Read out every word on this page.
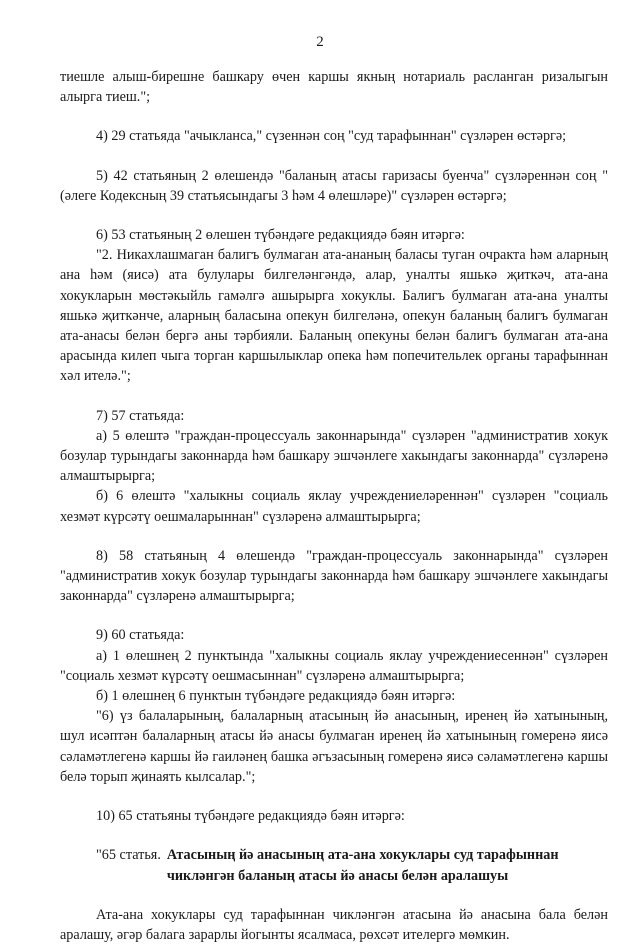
2

тиешле алыш-бирешне башкару өчен каршы якның нотариаль расланган ризалыгын алырга тиеш.";

4) 29 статьяда "ачыкланса," сүзеннән соң "суд тарафыннан" сүзләрен өстәргә;

5) 42 статьяның 2 өлешендә "баланың атасы гаризасы буенча" сүзләреннән соң "(әлеге Кодексның 39 статьясындагы 3 һәм 4 өлешләре)" сүзләрен өстәргә;

6) 53 статьяның 2 өлешен түбәндәге редакциядә бәян итәргә:

"2. Никахлашмаган балигъ булмаган ата-ананың баласы туган очракта һәм аларның ана һәм (яисә) ата булулары билгеләнгәндә, алар, уналты яшькә җиткәч, ата-ана хокукларын мөстәкыйль гамәлгә ашырырга хокуклы. Балигъ булмаган ата-ана уналты яшькә җиткәнче, аларның баласына опекун билгеләнә, опекун баланың балигъ булмаган ата-анасы белән бергә аны тәрбияли. Баланың опекуны белән балигъ булмаган ата-ана арасында килеп чыга торган каршылыклар опека һәм попечительлек органы тарафыннан хәл ителә.";

7) 57 статьяда:

а) 5 өлештә "граждан-процессуаль законнарында" сүзләрен "административ хокук бозулар турындагы законнарда һәм башкару эшчәнлеге хакындагы законнарда" сүзләренә алмаштырырга;

б) 6 өлештә "халыкны социаль яклау учреждениеләреннән" сүзләрен "социаль хезмәт күрсәтү оешмаларыннан" сүзләренә алмаштырырга;

8) 58 статьяның 4 өлешендә "граждан-процессуаль законнарында" сүзләрен "административ хокук бозулар турындагы законнарда һәм башкару эшчәнлеге хакындагы законнарда" сүзләренә алмаштырырга;

9) 60 статьяда:

а) 1 өлешнең 2 пунктында "халыкны социаль яклау учреждениесеннән" сүзләрен "социаль хезмәт күрсәтү оешмасыннан" сүзләренә алмаштырырга;

б) 1 өлешнең 6 пунктын түбәндәге редакциядә бәян итәргә:

"6) үз балаларының, балаларның атасының йә анасының, иренең йә хатынының, шул исәптән балаларның атасы йә анасы булмаган иренең йә хатынының гомеренә яисә сәламәтлегенә каршы йә гаиләнең башка әгъзасының гомеренә яисә сәламәтлегенә каршы белә торып җинаять кылсалар.";

10) 65 статьяны түбәндәге редакциядә бәян итәргә:

"65 статья. Атасының йә анасының ата-ана хокуклары суд тарафыннан
чикләнгән баланың атасы йә анасы белән аралашуы

Ата-ана хокуклары суд тарафыннан чикләнгән атасына йә анасына бала белән аралашу, әгәр балага зарарлы йогынты ясалмаса, рөхсәт ителергә мөмкин.
